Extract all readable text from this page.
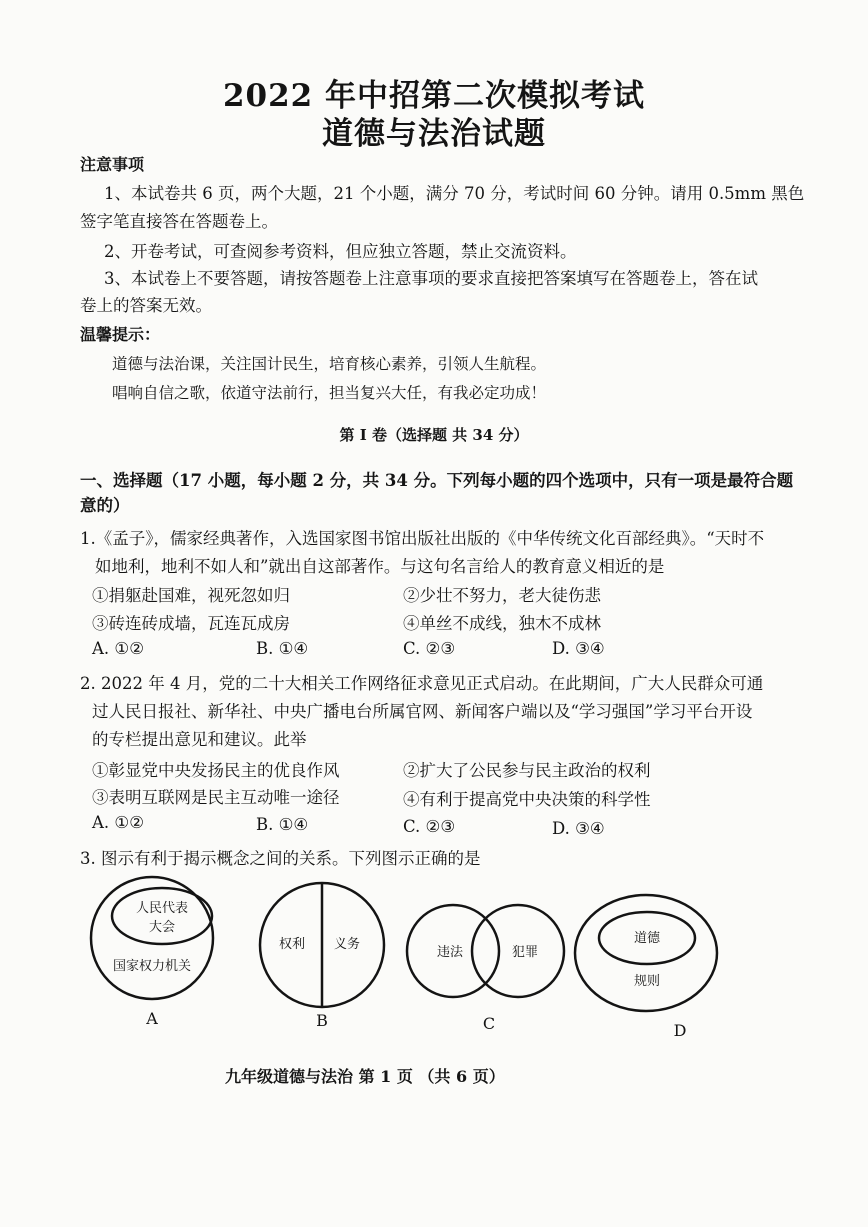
2022 年中招第二次模拟考试
道德与法治试题
注意事项
1、本试卷共 6 页，两个大题，21 个小题，满分 70 分，考试时间 60 分钟。请用 0.5mm 黑色
签字笔直接答在答题卷上。
2、开卷考试，可查阅参考资料，但应独立答题，禁止交流资料。
3、本试卷上不要答题，请按答题卷上注意事项的要求直接把答案填写在答题卷上，答在试
卷上的答案无效。
温馨提示：
道德与法治课，关注国计民生，培育核心素养，引领人生航程。
唱响自信之歌，依道守法前行，担当复兴大任，有我必定功成！
第 I 卷（选择题 共 34 分）
一、选择题（17 小题，每小题 2 分，共 34 分。下列每小题的四个选项中，只有一项是最符合题
意的）
1.《孟子》，儒家经典著作，入选国家图书馆出版社出版的《中华传统文化百部经典》。“天时不
如地利，地利不如人和”就出自这部著作。与这句名言给人的教育意义相近的是
①捐躯赴国难，视死忽如归	②少壮不努力，老大徒伤悲
③砖连砖成墙，瓦连瓦成房	④单丝不成线，独木不成林
A. ①②	B. ①④	C. ②③	D. ③④
2. 2022 年 4 月，党的二十大相关工作网络征求意见正式启动。在此期间，广大人民群众可通
过人民日报社、新华社、中央广播电台所属官网、新闻客户端以及“学习强国”学习平台开设
的专栏提出意见和建议。此举
①彰显党中央发扬民主的优良作风	②扩大了公民参与民主政治的权利
③表明互联网是民主互动唯一途径	④有利于提高党中央决策的科学性
A. ①②	B. ①④	C. ②③	D. ③④
3. 图示有利于揭示概念之间的关系。下列图示正确的是
人民代表
大会
国家权力机关
A
权利 义务
B
违法	犯罪
C
道德
规则
D
九年级道德与法治 第 1 页 （共 6 页）
